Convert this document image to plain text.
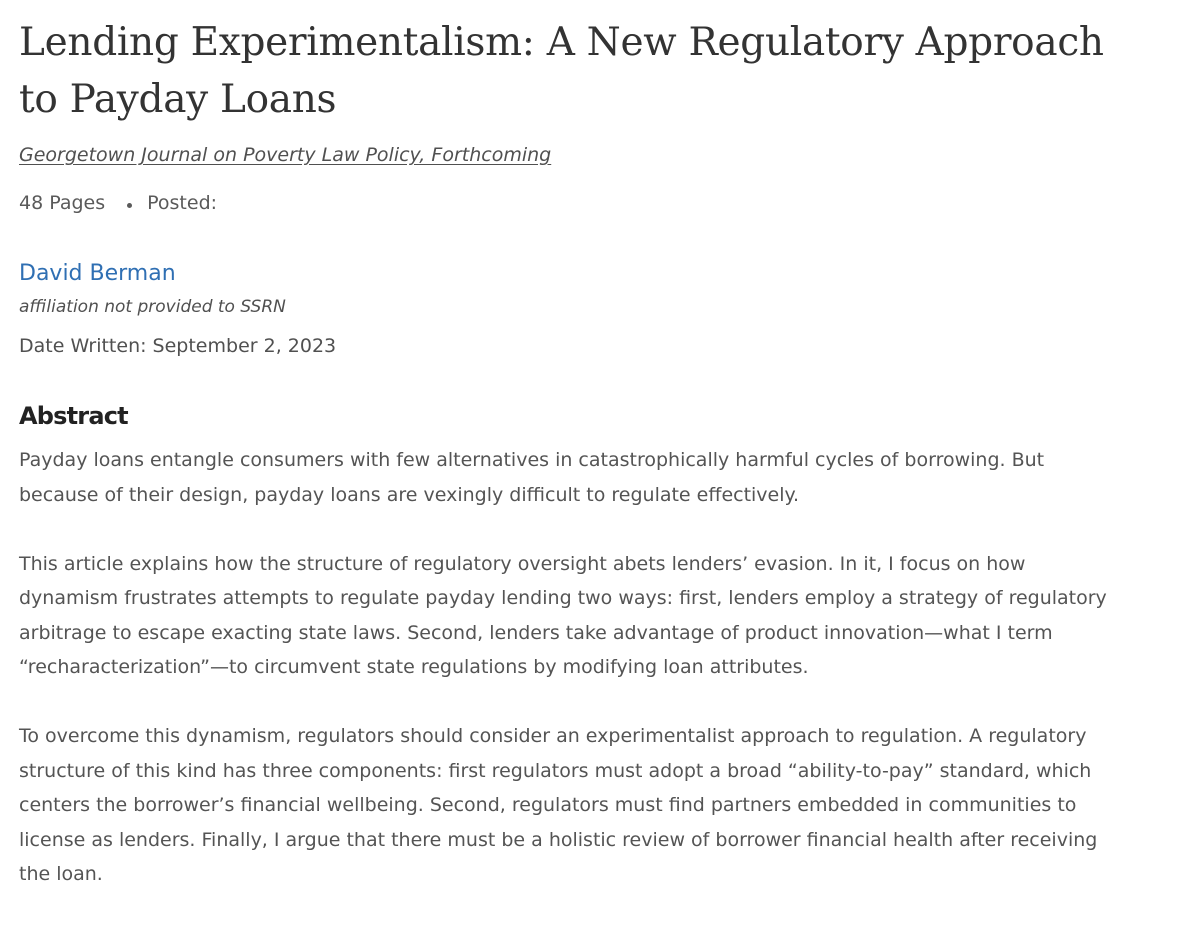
Lending Experimentalism: A New Regulatory Approach
to Payday Loans
Georgetown Journal on Poverty Law Policy, Forthcoming
48 Pages Posted:
David Berman
affiliation not provided to SSRN
Date Written: September 2, 2023
Abstract

Payday loans entangle consumers with few alternatives in catastrophically harmful cycles of borrowing. But
because of their design, payday loans are vexingly difficult to regulate effectively.

This article explains how the structure of regulatory oversight abets lenders’ evasion. In it, I focus on how
dynamism frustrates attempts to regulate payday lending two ways: first, lenders employ a strategy of regulatory
arbitrage to escape exacting state laws. Second, lenders take advantage of product innovation—what I term
“recharacterization”—to circumvent state regulations by modifying loan attributes.

To overcome this dynamism, regulators should consider an experimentalist approach to regulation. A regulatory
structure of this kind has three components: first regulators must adopt a broad “ability-to-pay” standard, which
centers the borrower’s financial wellbeing. Second, regulators must find partners embedded in communities to
license as lenders. Finally, I argue that there must be a holistic review of borrower financial health after receiving
the loan.
